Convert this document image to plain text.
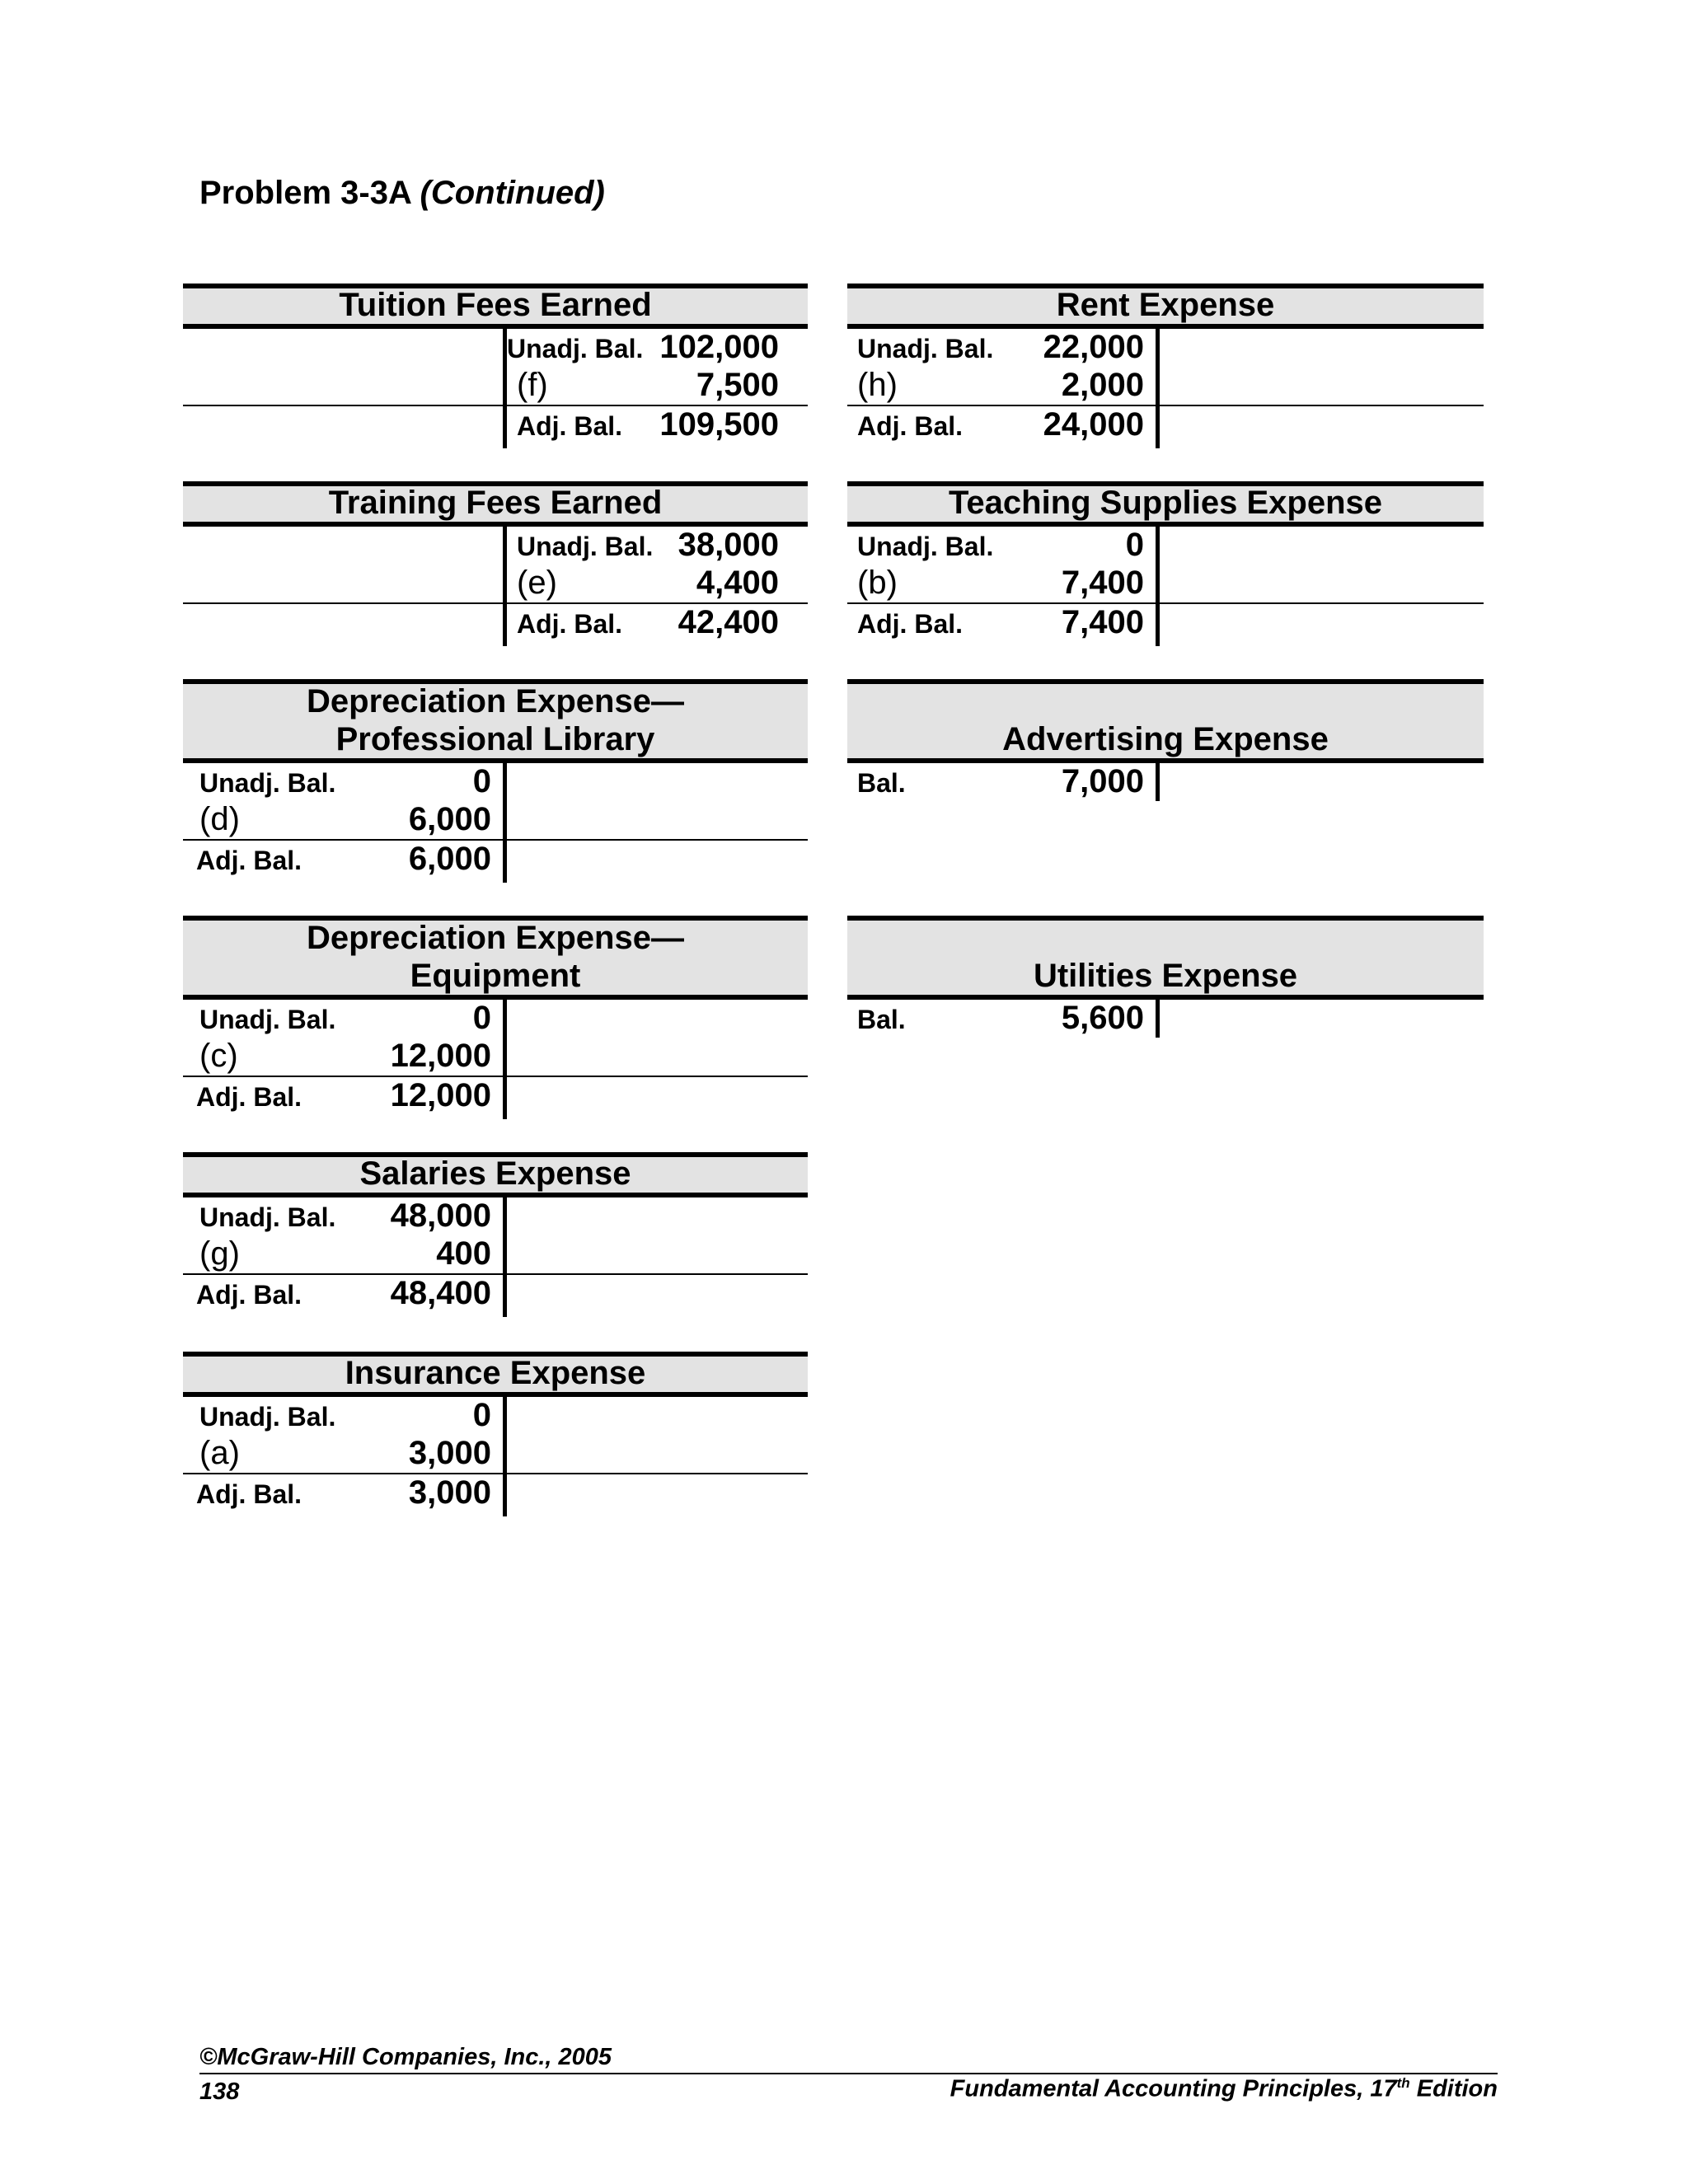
Problem 3-3A (Continued)
Tuition Fees Earned
Unadj. Bal. 102,000
(f)	7,500
Adj. Bal. 109,500
Rent Expense
Unadj. Bal. 22,000
(h)	2,000
Adj. Bal. 24,000
Training Fees Earned
Unadj. Bal. 38,000
(e)	4,400
Adj. Bal. 42,400
Teaching Supplies Expense
Unadj. Bal.	0
(b)	7,400
Adj. Bal.	7,400
Depreciation Expense—
Professional Library
Unadj. Bal.	0
(d)	6,000
Adj. Bal.	6,000
Advertising Expense
Bal.	7,000
Depreciation Expense—
Equipment
Unadj. Bal.	0
(c)	12,000
Adj. Bal.	12,000
Utilities Expense
Bal.	5,600
Salaries Expense
Unadj. Bal. 48,000
(g)	400
Adj. Bal.	48,400
Insurance Expense
Unadj. Bal.	0
(a)	3,000
Adj. Bal.	3,000
©McGraw-Hill Companies, Inc., 2005
138	Fundamental Accounting Principles, 17th Edition
